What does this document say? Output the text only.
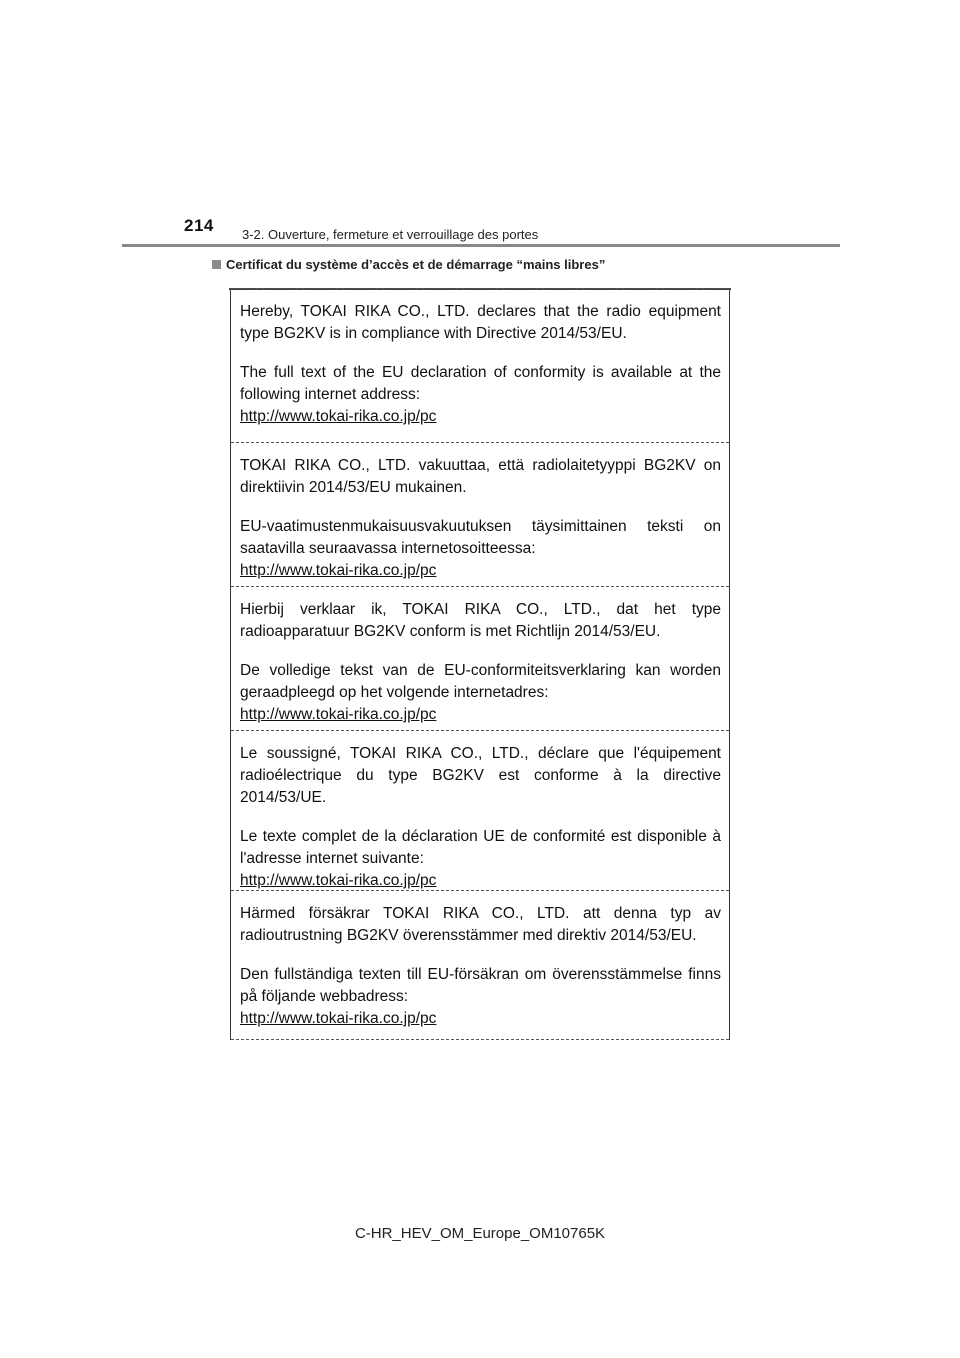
214	3-2. Ouverture, fermeture et verrouillage des portes
Certificat du système d’accès et de démarrage “mains libres”

Hereby, TOKAI RIKA CO., LTD. declares that the radio equipment type BG2KV is in compliance with Directive 2014/53/EU.

The full text of the EU declaration of conformity is available at the following internet address:

http://www.tokai-rika.co.jp/pc

TOKAI RIKA CO., LTD. vakuuttaa, että radiolaitetyyppi BG2KV on direktiivin 2014/53/EU mukainen.

EU-vaatimustenmukaisuusvakuutuksen täysimittainen teksti on saatavilla seuraavassa internetosoitteessa:

http://www.tokai-rika.co.jp/pc

Hierbij verklaar ik, TOKAI RIKA CO., LTD., dat het type radioapparatuur BG2KV conform is met Richtlijn 2014/53/EU.

De volledige tekst van de EU-conformiteitsverklaring kan worden geraadpleegd op het volgende internetadres:

http://www.tokai-rika.co.jp/pc

Le soussigné, TOKAI RIKA CO., LTD., déclare que l'équipement radioélectrique du type BG2KV est conforme à la directive 2014/53/UE.

Le texte complet de la déclaration UE de conformité est disponible à l'adresse internet suivante:

http://www.tokai-rika.co.jp/pc

Härmed försäkrar TOKAI RIKA CO., LTD. att denna typ av radioutrustning BG2KV överensstämmer med direktiv 2014/53/EU.

Den fullständiga texten till EU-försäkran om överensstämmelse finns på följande webbadress:

http://www.tokai-rika.co.jp/pc

C-HR_HEV_OM_Europe_OM10765K
